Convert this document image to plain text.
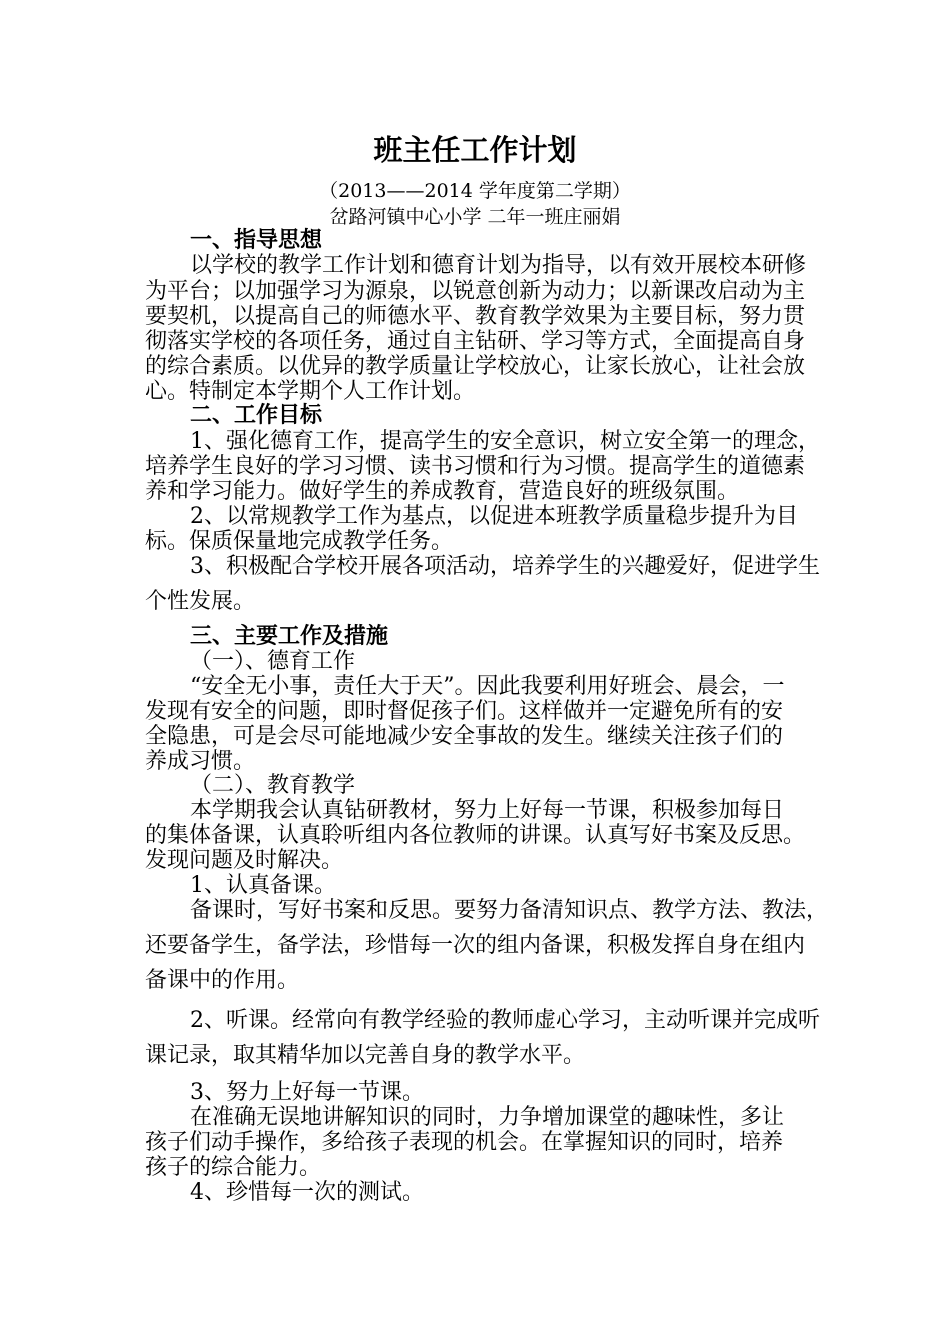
班主任工作计划
（2013——2014 学年度第二学期）
岔路河镇中心小学 二年一班庄丽娟
一、指导思想
以学校的教学工作计划和德育计划为指导，以有效开展校本研修
为平台；以加强学习为源泉，以锐意创新为动力；以新课改启动为主
要契机，以提高自己的师德水平、教育教学效果为主要目标，努力贯
彻落实学校的各项任务，通过自主钻研、学习等方式，全面提高自身
的综合素质。以优异的教学质量让学校放心，让家长放心，让社会放
心。特制定本学期个人工作计划。
二、工作目标
1、强化德育工作，提高学生的安全意识，树立安全第一的理念，
培养学生良好的学习习惯、读书习惯和行为习惯。提高学生的道德素
养和学习能力。做好学生的养成教育，营造良好的班级氛围。
2、以常规教学工作为基点，以促进本班教学质量稳步提升为目
标。保质保量地完成教学任务。
3、积极配合学校开展各项活动，培养学生的兴趣爱好，促进学生
个性发展。
三、主要工作及措施
（一）、德育工作
“安全无小事，责任大于天”。因此我要利用好班会、晨会，一
发现有安全的问题，即时督促孩子们。这样做并一定避免所有的安
全隐患，可是会尽可能地减少安全事故的发生。继续关注孩子们的
养成习惯。
（二）、教育教学
本学期我会认真钻研教材，努力上好每一节课，积极参加每日
的集体备课，认真聆听组内各位教师的讲课。认真写好书案及反思。
发现问题及时解决。
1、认真备课。
备课时，写好书案和反思。要努力备清知识点、教学方法、教法，
还要备学生，备学法，珍惜每一次的组内备课，积极发挥自身在组内
备课中的作用。
2、听课。经常向有教学经验的教师虚心学习，主动听课并完成听
课记录，取其精华加以完善自身的教学水平。
3、努力上好每一节课。
在准确无误地讲解知识的同时，力争增加课堂的趣味性，多让
孩子们动手操作，多给孩子表现的机会。在掌握知识的同时，培养
孩子的综合能力。
4、珍惜每一次的测试。
